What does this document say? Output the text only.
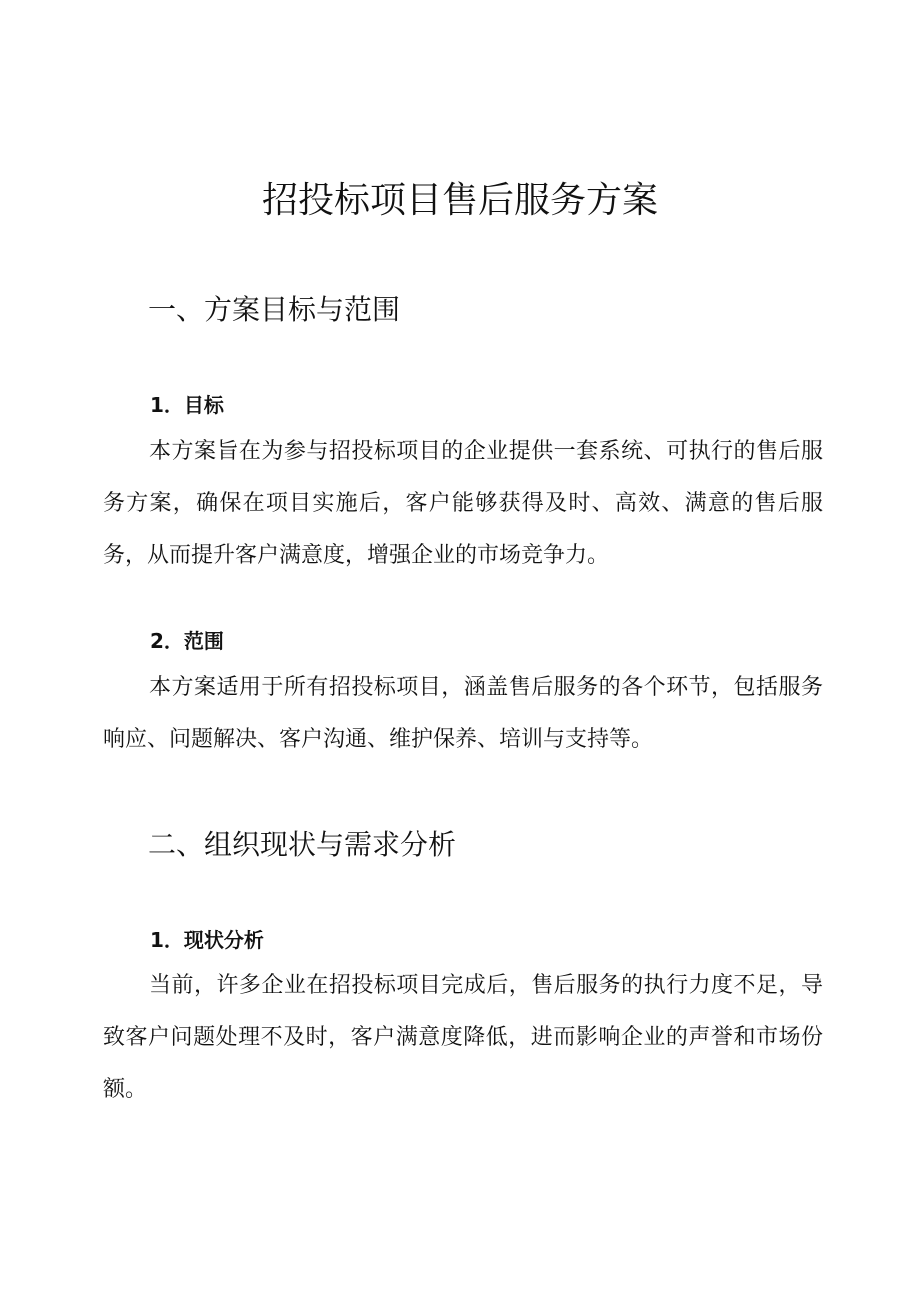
招投标项目售后服务方案
一、方案目标与范围
1．目标

本方案旨在为参与招投标项目的企业提供一套系统、可执行的售后服务方案，确保在项目实施后，客户能够获得及时、高效、满意的售后服务，从而提升客户满意度，增强企业的市场竞争力。

2．范围

本方案适用于所有招投标项目，涵盖售后服务的各个环节，包括服务响应、问题解决、客户沟通、维护保养、培训与支持等。

二、组织现状与需求分析
1．现状分析

当前，许多企业在招投标项目完成后，售后服务的执行力度不足，导致客户问题处理不及时，客户满意度降低，进而影响企业的声誉和市场份额。
